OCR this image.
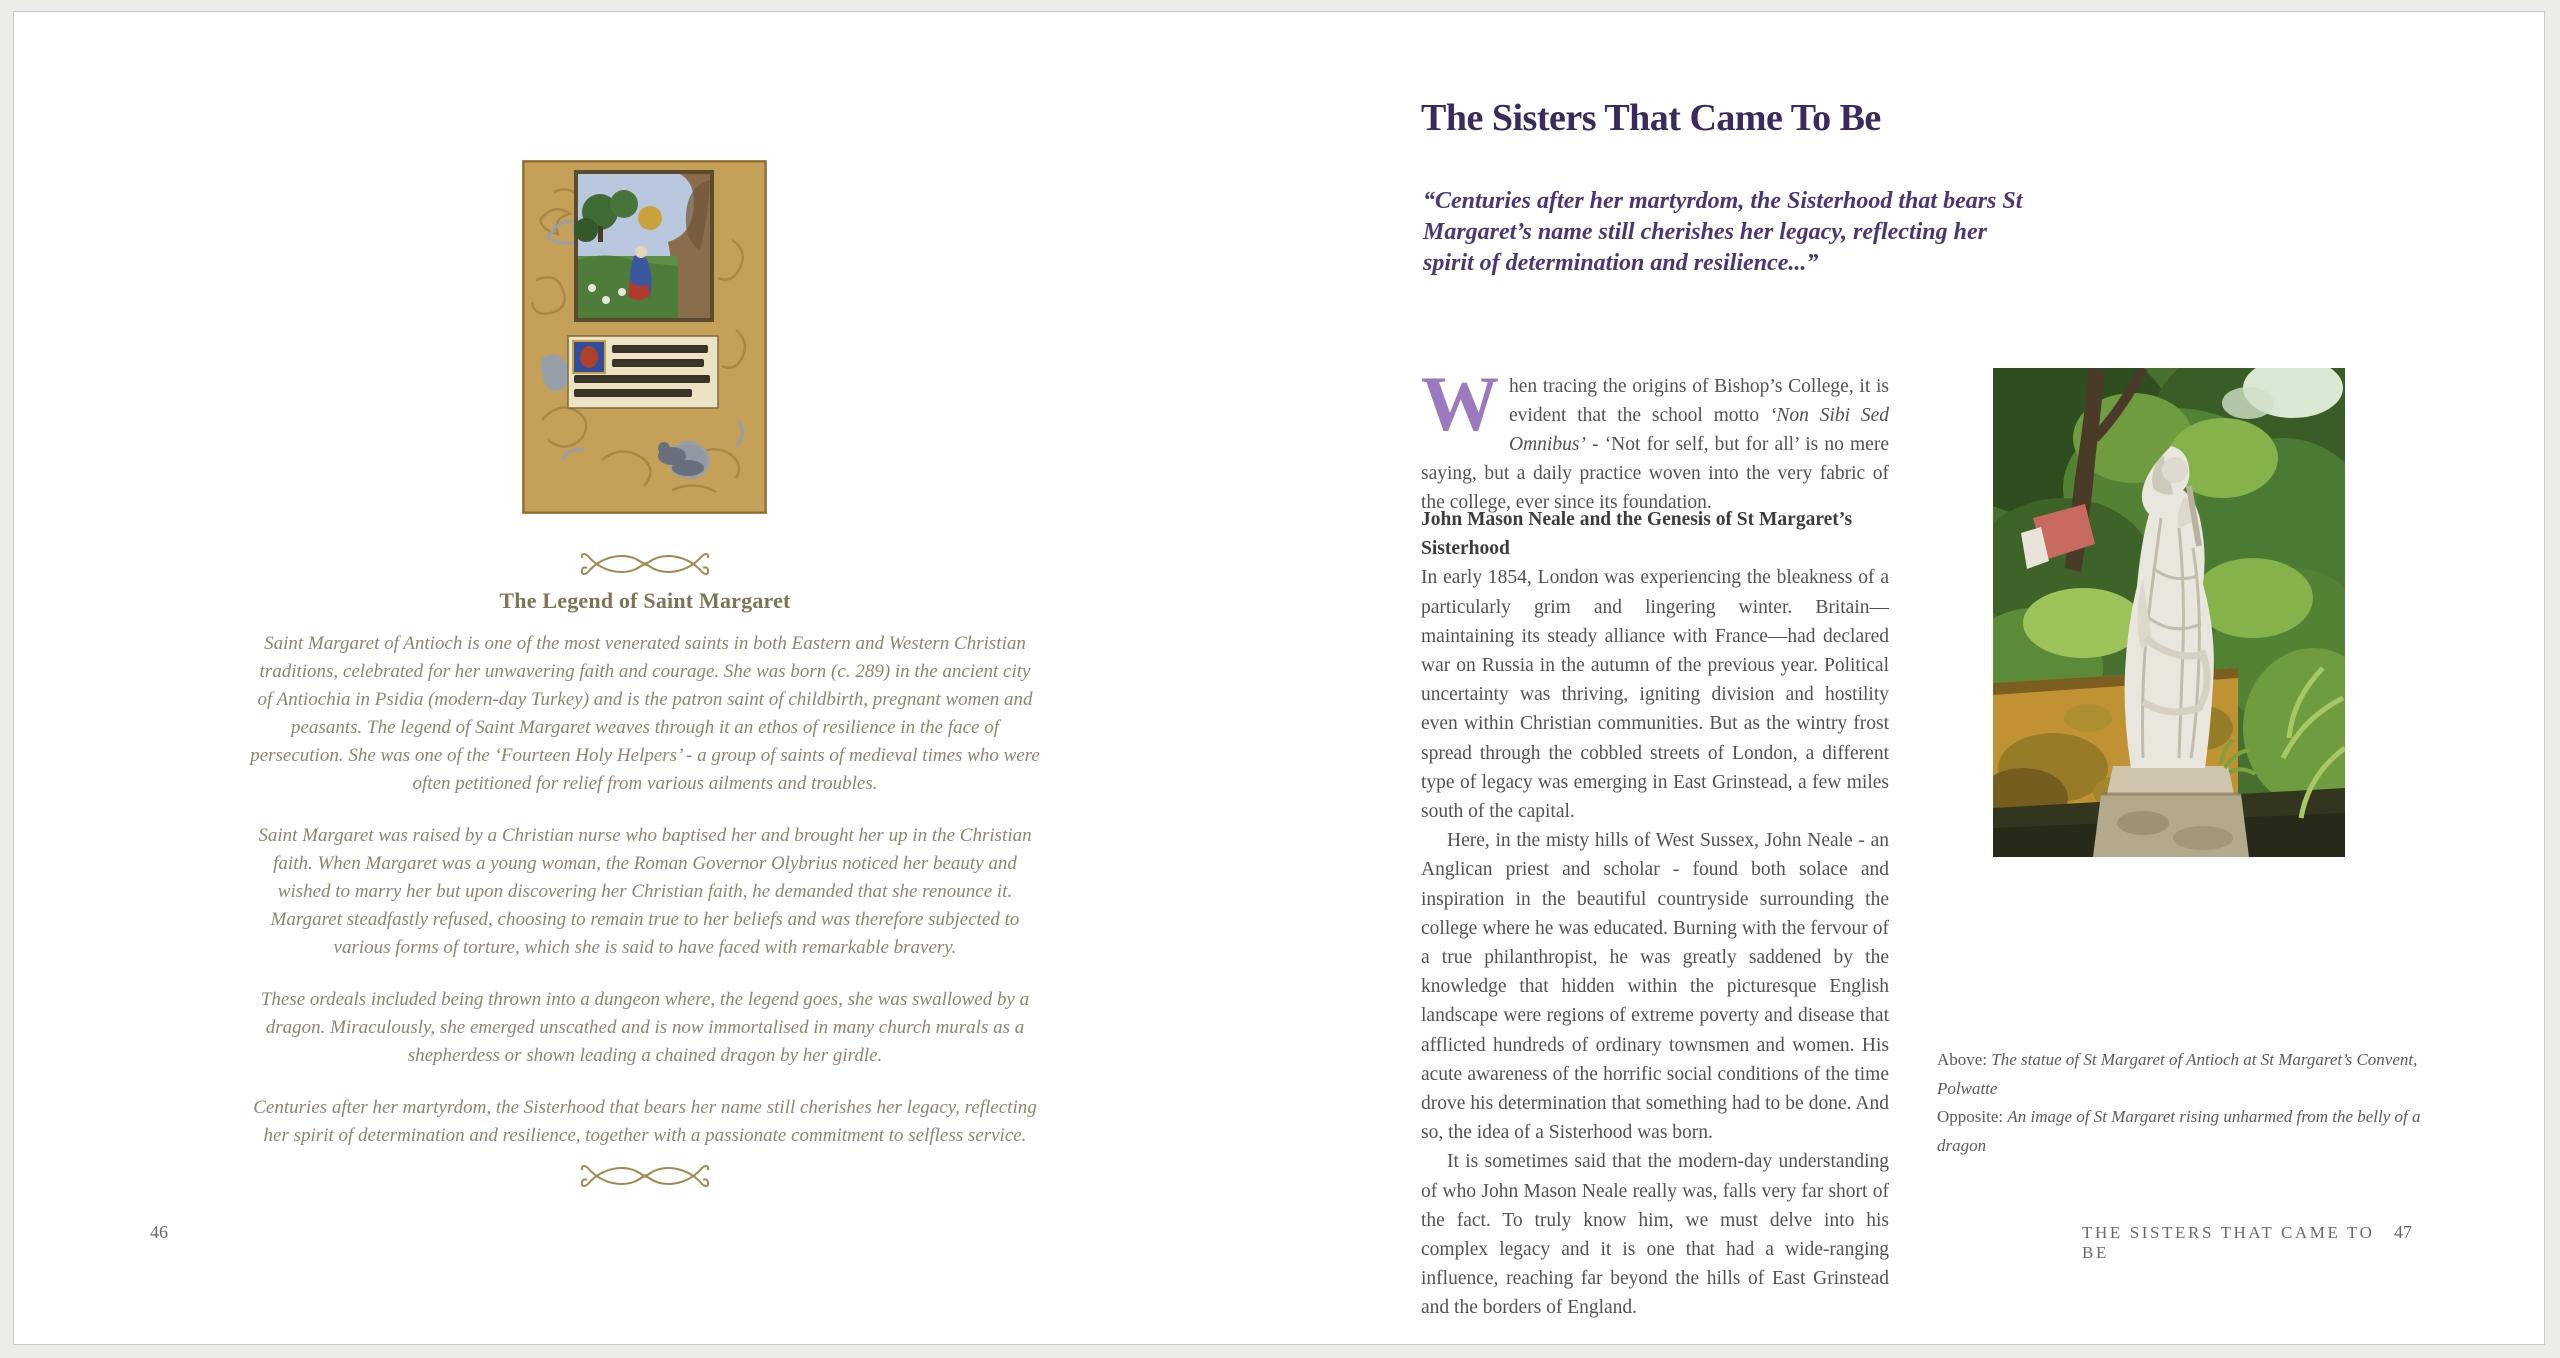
The Legend of Saint Margaret

Saint Margaret of Antioch is one of the most venerated saints in both Eastern and Western Christian traditions, celebrated for her unwavering faith and courage. She was born (c. 289) in the ancient city of Antiochia in Psidia (modern-day Turkey) and is the patron saint of childbirth, pregnant women and peasants. The legend of Saint Margaret weaves through it an ethos of resilience in the face of persecution. She was one of the ‘Fourteen Holy Helpers’ - a group of saints of medieval times who were often petitioned for relief from various ailments and troubles.

Saint Margaret was raised by a Christian nurse who baptised her and brought her up in the Christian faith. When Margaret was a young woman, the Roman Governor Olybrius noticed her beauty and wished to marry her but upon discovering her Christian faith, he demanded that she renounce it. Margaret steadfastly refused, choosing to remain true to her beliefs and was therefore subjected to various forms of torture, which she is said to have faced with remarkable bravery.

These ordeals included being thrown into a dungeon where, the legend goes, she was swallowed by a dragon. Miraculously, she emerged unscathed and is now immortalised in many church murals as a shepherdess or shown leading a chained dragon by her girdle.

Centuries after her martyrdom, the Sisterhood that bears her name still cherishes her legacy, reflecting her spirit of determination and resilience, together with a passionate commitment to selfless service.

46
The Sisters That Came To Be
“Centuries after her martyrdom, the Sisterhood that bears St Margaret’s name still cherishes her legacy, reflecting her spirit of determination and resilience...”

When tracing the origins of Bishop’s College, it is evident that the school motto ‘Non Sibi Sed Omnibus’ - ‘Not for self, but for all’ is no mere saying, but a daily practice woven into the very fabric of the college, ever since its foundation.

John Mason Neale and the Genesis of St Margaret’s Sisterhood

In early 1854, London was experiencing the bleakness of a particularly grim and lingering winter. Britain—maintaining its steady alliance with France—had declared war on Russia in the autumn of the previous year. Political uncertainty was thriving, igniting division and hostility even within Christian communities. But as the wintry frost spread through the cobbled streets of London, a different type of legacy was emerging in East Grinstead, a few miles south of the capital.

Here, in the misty hills of West Sussex, John Neale - an Anglican priest and scholar - found both solace and inspiration in the beautiful countryside surrounding the college where he was educated. Burning with the fervour of a true philanthropist, he was greatly saddened by the knowledge that hidden within the picturesque English landscape were regions of extreme poverty and disease that afflicted hundreds of ordinary townsmen and women. His acute awareness of the horrific social conditions of the time drove his determination that something had to be done. And so, the idea of a Sisterhood was born.

It is sometimes said that the modern-day understanding of who John Mason Neale really was, falls very far short of the fact. To truly know him, we must delve into his complex legacy and it is one that had a wide-ranging influence, reaching far beyond the hills of East Grinstead and the borders of England.

Above: The statue of St Margaret of Antioch at St Margaret’s Convent, Polwatte
Opposite: An image of St Margaret rising unharmed from the belly of a dragon
THE SISTERS THAT CAME TO BE
47
